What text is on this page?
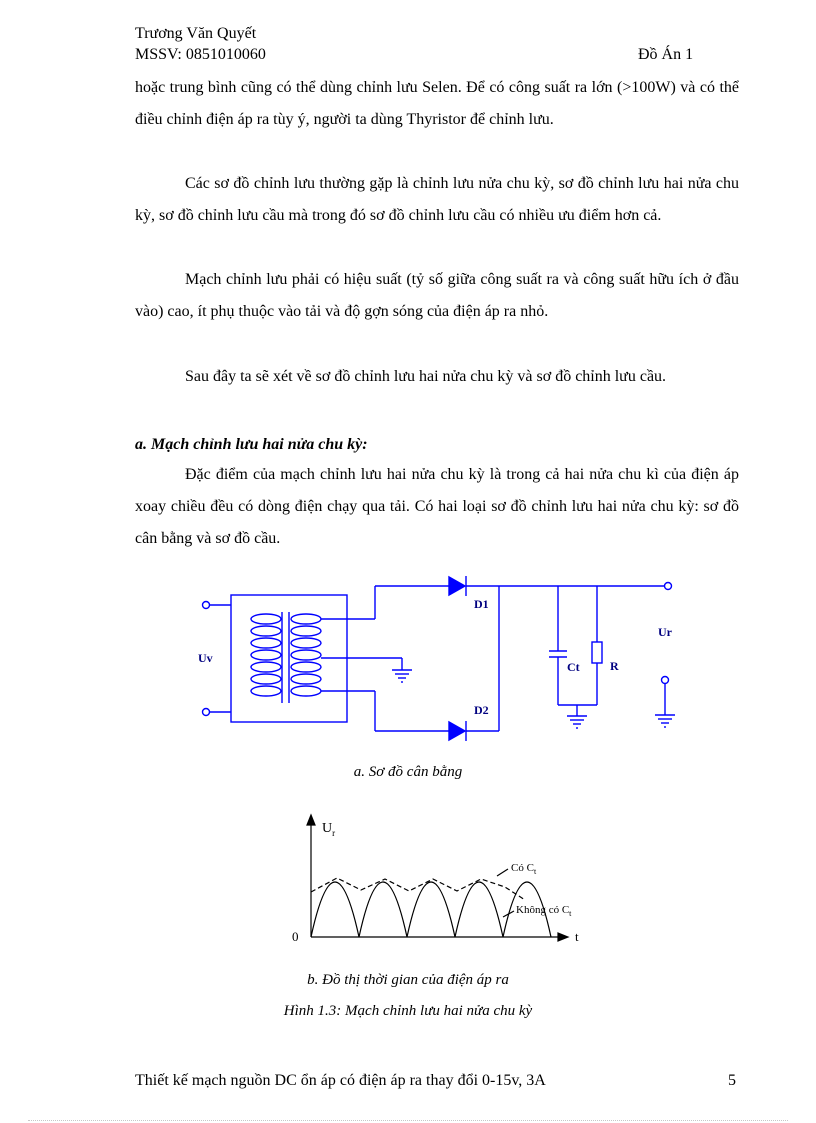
Trương Văn Quyết
MSSV: 0851010060	Đồ Án 1

hoặc trung bình cũng có thể dùng chỉnh lưu Selen. Để có công suất ra lớn (>100W) và có thể điều chỉnh điện áp ra tùy ý, người ta dùng Thyristor để chỉnh lưu.

Các sơ đồ chỉnh lưu thường gặp là chỉnh lưu nửa chu kỳ, sơ đồ chỉnh lưu hai nửa chu kỳ, sơ đồ chỉnh lưu cầu mà trong đó sơ đồ chỉnh lưu cầu có nhiều ưu điểm hơn cả.

Mạch chỉnh lưu phải có hiệu suất (tỷ số giữa công suất ra và công suất hữu ích ở đầu vào) cao, ít phụ thuộc vào tải và độ gợn sóng của điện áp ra nhỏ.

Sau đây ta sẽ xét về sơ đồ chỉnh lưu hai nửa chu kỳ và sơ đồ chỉnh lưu cầu.

a. Mạch chỉnh lưu hai nửa chu kỳ:

Đặc điểm của mạch chỉnh lưu hai nửa chu kỳ là trong cả hai nửa chu kì của điện áp xoay chiều đều có dòng điện chạy qua tải. Có hai loại sơ đồ chỉnh lưu hai nửa chu kỳ: sơ đồ cân bằng và sơ đồ cầu.

Uv
D1
D2
Ct	R
Ur
a. Sơ đồ cân bằng
$U_r$
0	t
Có $C_t$
Không có $C_t$
b. Đồ thị thời gian của điện áp ra
Hình 1.3: Mạch chỉnh lưu hai nửa chu kỳ
Thiết kế mạch nguồn DC ổn áp có điện áp ra thay đổi 0-15v, 3A	5
